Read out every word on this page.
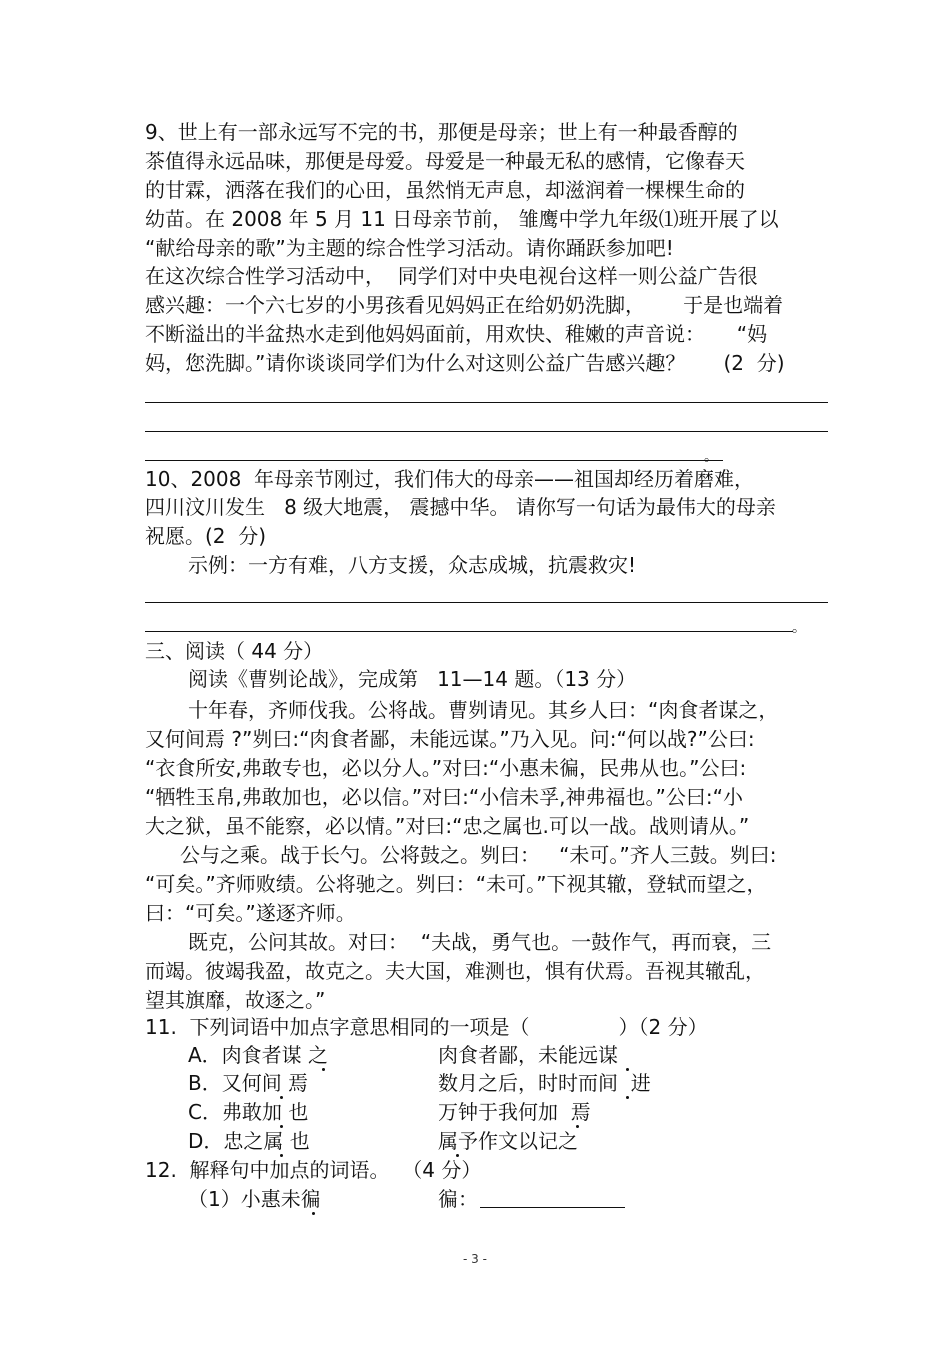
9、世上有一部永远写不完的书，那便是母亲；世上有一种最香醇的
茶值得永远品味，那便是母爱。母爱是一种最无私的感情，它像春天
的甘霖，洒落在我们的心田，虽然悄无声息，却滋润着一棵棵生命的
幼苗。在 2008 年 5 月 11 日母亲节前， 雏鹰中学九年级⑴班开展了以
“献给母亲的歌”为主题的综合性学习活动。请你踊跃参加吧!
在这次综合性学习活动中，  同学们对中央电视台这样一则公益广告很
感兴趣：一个六七岁的小男孩看见妈妈正在给奶奶洗脚，      于是也端着
不断溢出的半盆热水走到他妈妈面前，用欢快、稚嫩的声音说：     “妈
妈，您洗脚。”请你谈谈同学们为什么对这则公益广告感兴趣？      (2  分)
。
10、2008  年母亲节刚过，我们伟大的母亲——祖国却经历着磨难，
四川汶川发生   8 级大地震， 震撼中华。 请你写一句话为最伟大的母亲
祝愿。(2  分)
示例：一方有难，八方支援，众志成城，抗震救灾!
。
三、阅读（ 44 分）
阅读《曹刿论战》，完成第   11—14 题。（13 分）
十年春，齐师伐我。公将战。曹刿请见。其乡人曰：“肉食者谋之，
又何间焉 ?”刿曰:“肉食者鄙，未能远谋。”乃入见。问:“何以战?”公曰:
“衣食所安,弗敢专也，必以分人。”对曰:“小惠未徧，民弗从也。”公曰:
“牺牲玉帛,弗敢加也，必以信。”对曰:“小信未孚,神弗福也。”公曰:“小
大之狱，虽不能察，必以情。”对曰:“忠之属也.可以一战。战则请从。”
公与之乘。战于长勺。公将鼓之。刿曰：   “未可。”齐人三鼓。刿曰:
“可矣。”齐师败绩。公将驰之。刿曰：“未可。”下视其辙，登轼而望之，
曰：“可矣。”遂逐齐师。
既克，公问其故。对曰：  “夫战，勇气也。一鼓作气，再而衰，三
而竭。彼竭我盈，故克之。夫大国，难测也，惧有伏焉。吾视其辙乱，
望其旗靡，故逐之。”
11.  下列词语中加点字意思相同的一项是（              ）（2 分）
A．肉食者谋 之	肉食者鄙，未能远谋
B．又何间 焉	数月之后，时时而间  进
C．弗敢加 也	万钟于我何加  焉
D．忠之属 也	属予作文以记之
12.  解释句中加点的词语。  （4 分）
（1）小惠未徧	徧：
- 3 -
